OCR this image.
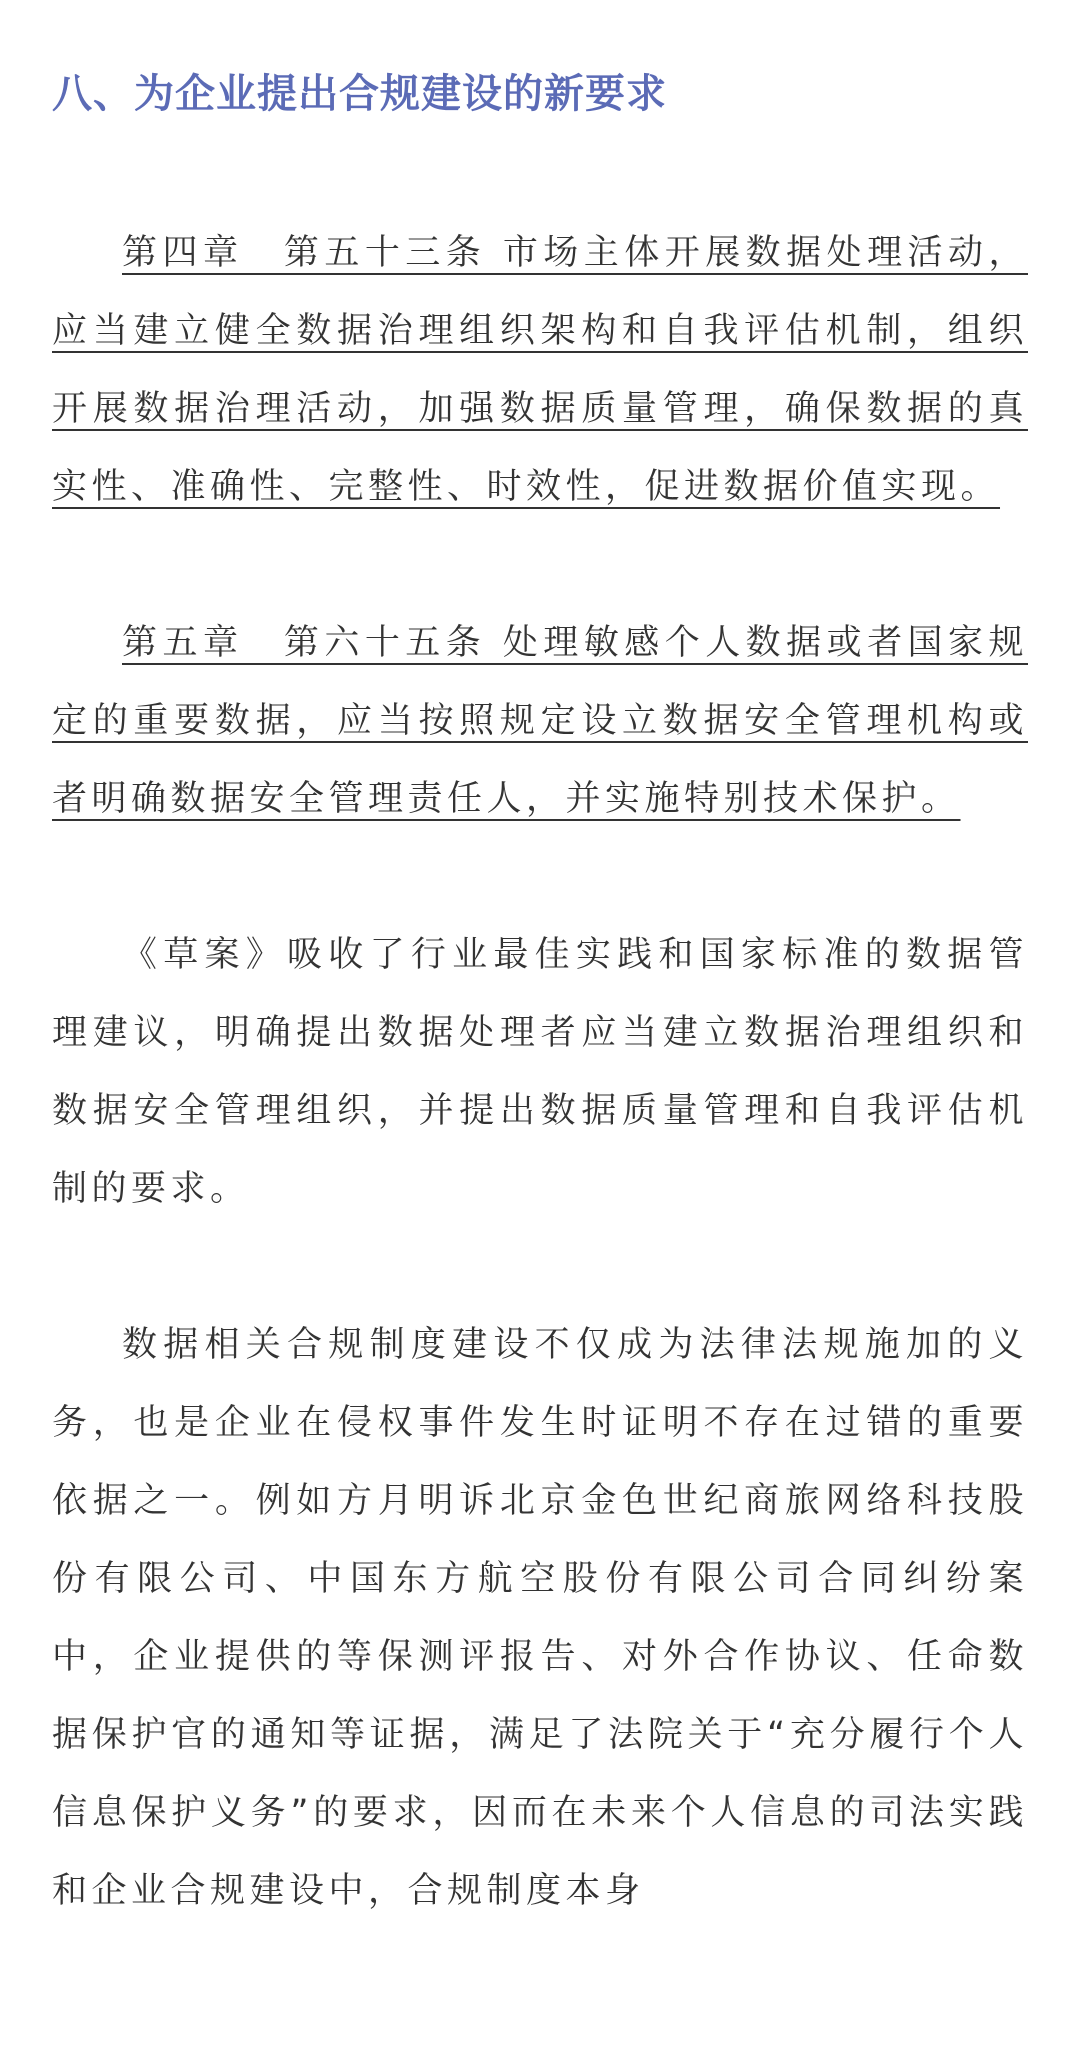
八、为企业提出合规建设的新要求

第四章　第五十三条 市场主体开展数据处理活动，应当建立健全数据治理组织架构和自我评估机制，组织开展数据治理活动，加强数据质量管理，确保数据的真实性、准确性、完整性、时效性，促进数据价值实现。

第五章　第六十五条 处理敏感个人数据或者国家规定的重要数据，应当按照规定设立数据安全管理机构或者明确数据安全管理责任人，并实施特别技术保护。

《草案》吸收了行业最佳实践和国家标准的数据管理建议，明确提出数据处理者应当建立数据治理组织和数据安全管理组织，并提出数据质量管理和自我评估机制的要求。

数据相关合规制度建设不仅成为法律法规施加的义务，也是企业在侵权事件发生时证明不存在过错的重要依据之一。例如方月明诉北京金色世纪商旅网络科技股份有限公司、中国东方航空股份有限公司合同纠纷案中，企业提供的等保测评报告、对外合作协议、任命数据保护官的通知等证据，满足了法院关于“充分履行个人信息保护义务”的要求，因而在未来个人信息的司法实践和企业合规建设中，合规制度本身
